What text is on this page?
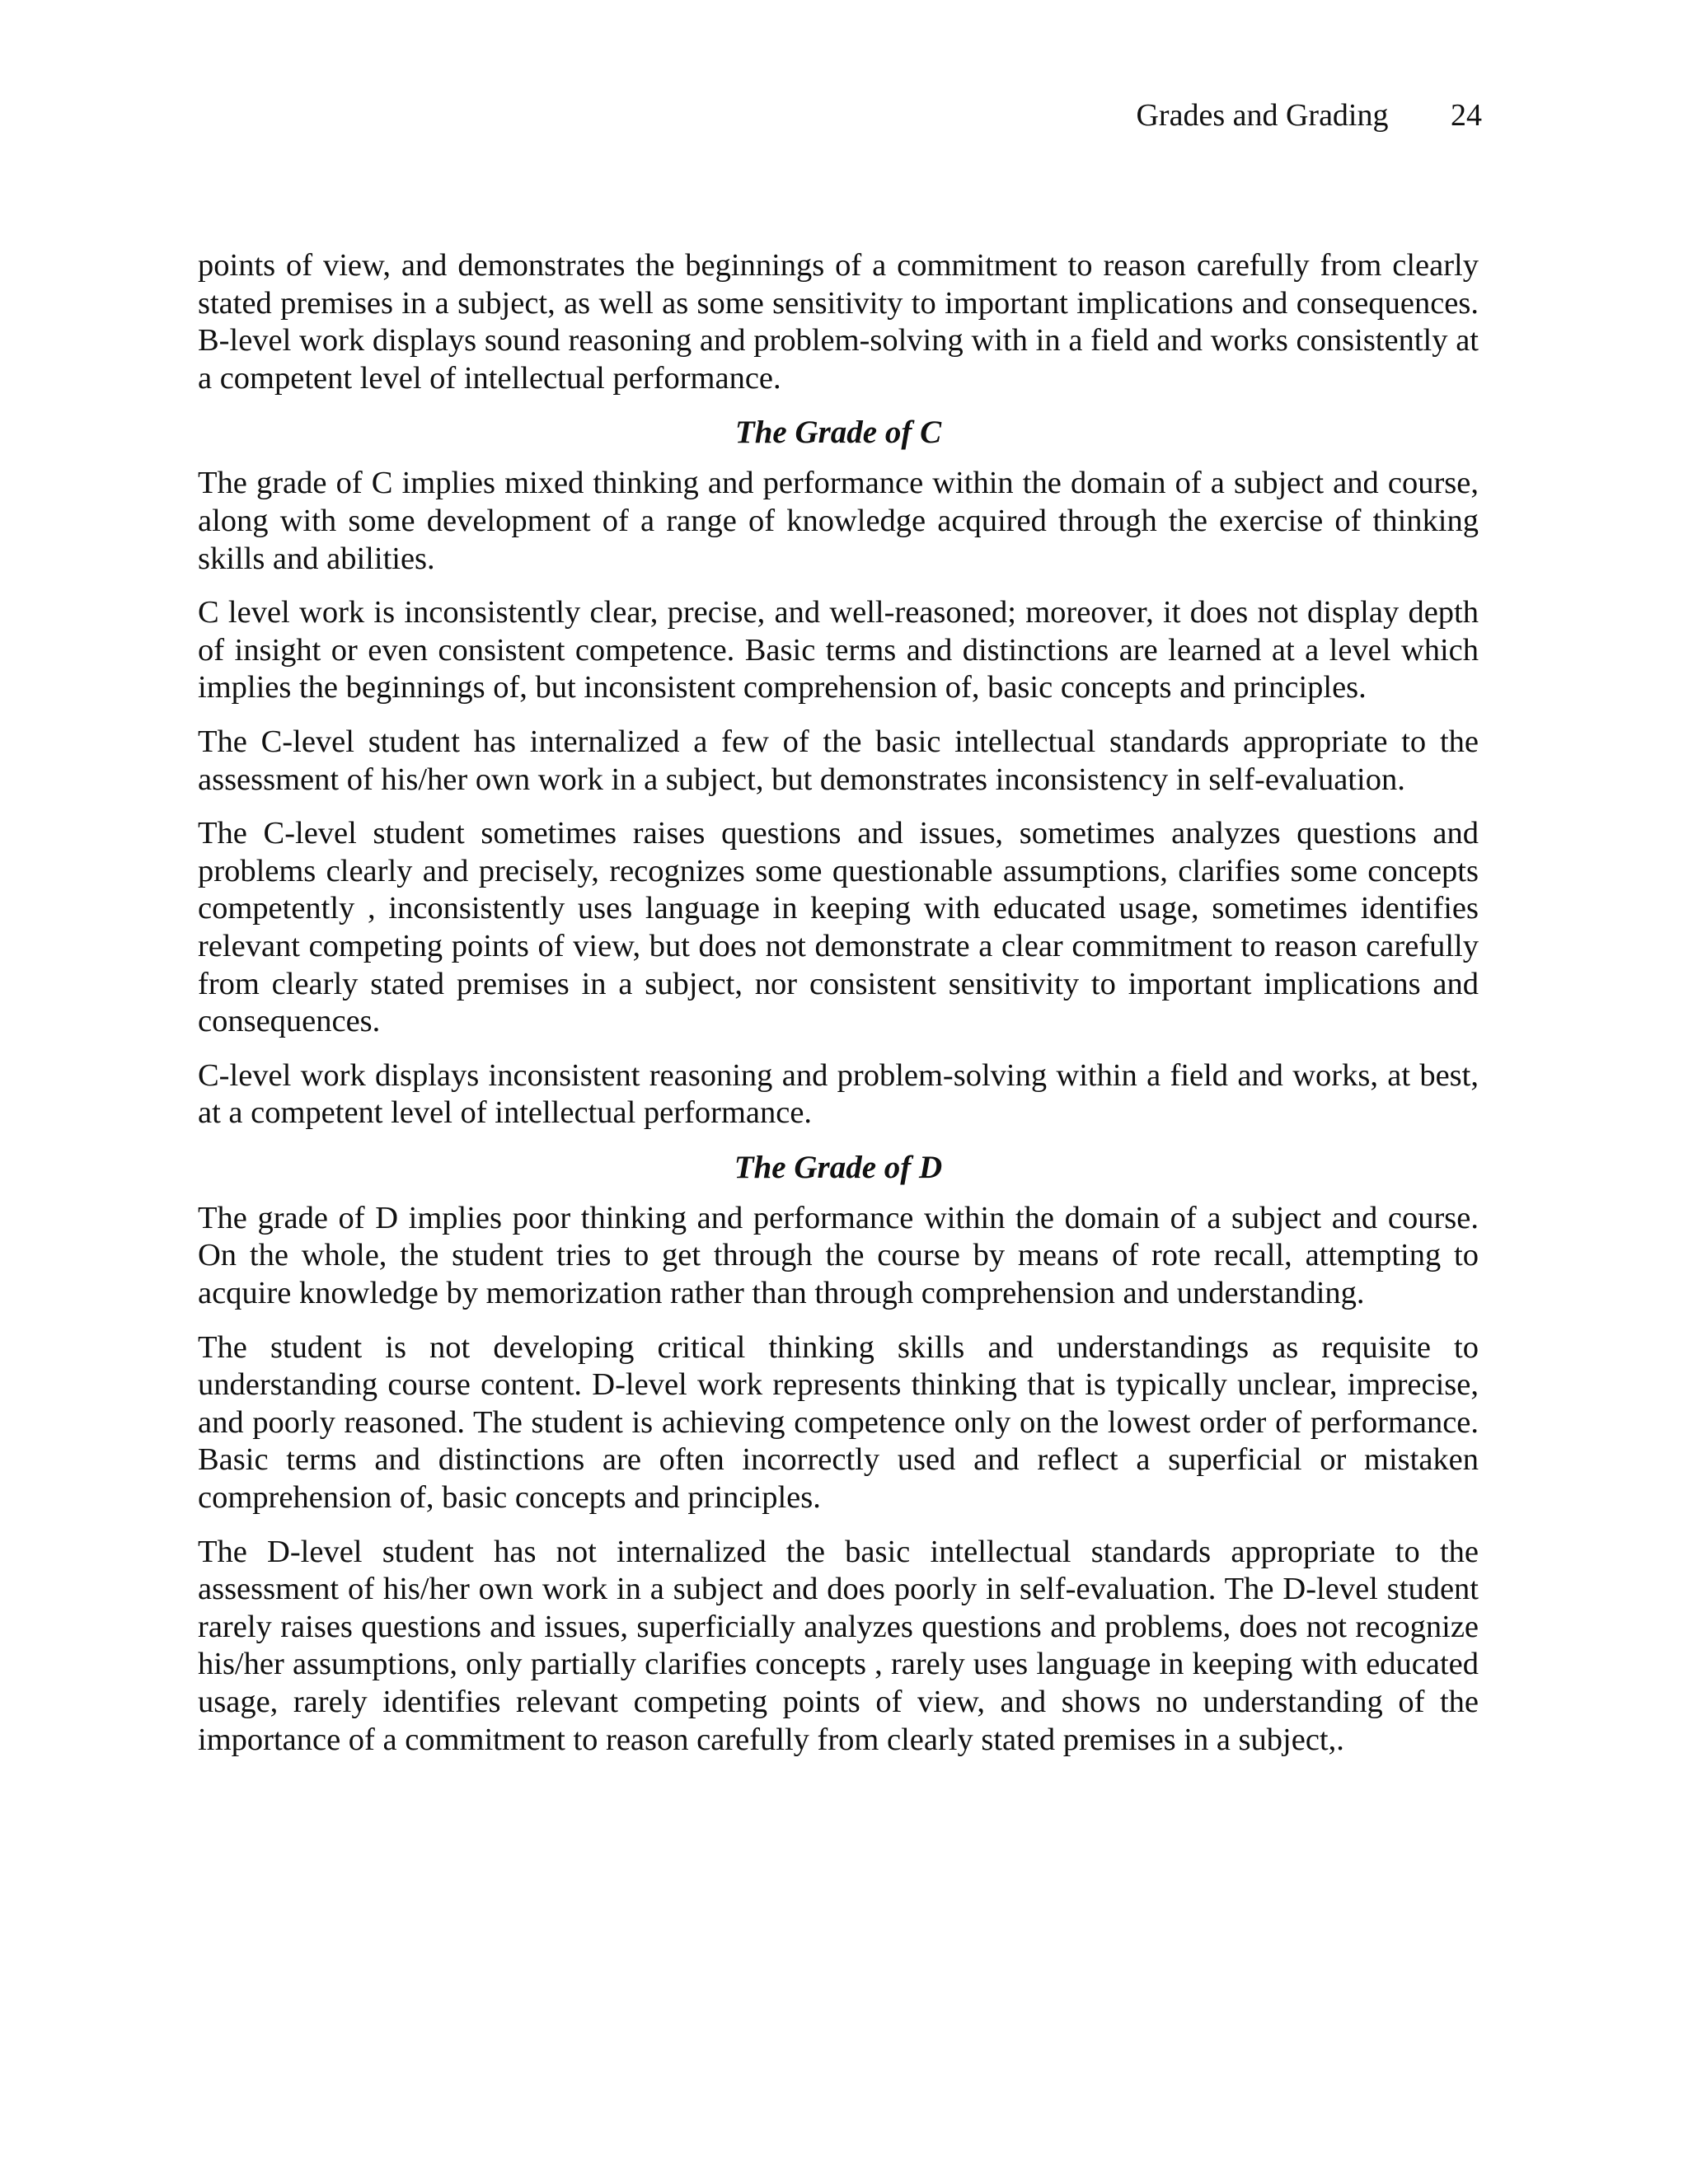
Grades and Grading 24

points of view, and demonstrates the beginnings of a commitment to reason carefully from clearly stated premises in a subject, as well as some sensitivity to important implications and consequences. B-level work displays sound reasoning and problem-solving with in a field and works consistently at a competent level of intellectual performance.

The Grade of C

The grade of C implies mixed thinking and performance within the domain of a subject and course, along with some development of a range of knowledge acquired through the exercise of thinking skills and abilities.

C level work is inconsistently clear, precise, and well-reasoned; moreover, it does not display depth of insight or even consistent competence. Basic terms and distinctions are learned at a level which implies the beginnings of, but inconsistent comprehension of, basic concepts and principles.

The C-level student has internalized a few of the basic intellectual standards appropriate to the assessment of his/her own work in a subject, but demonstrates inconsistency in self-evaluation.

The C-level student sometimes raises questions and issues, sometimes analyzes questions and problems clearly and precisely, recognizes some questionable assumptions, clarifies some concepts competently , inconsistently uses language in keeping with educated usage, sometimes identifies relevant competing points of view, but does not demonstrate a clear commitment to reason carefully from clearly stated premises in a subject, nor consistent sensitivity to important implications and consequences.

C-level work displays inconsistent reasoning and problem-solving within a field and works, at best, at a competent level of intellectual performance.

The Grade of D

The grade of D implies poor thinking and performance within the domain of a subject and course. On the whole, the student tries to get through the course by means of rote recall, attempting to acquire knowledge by memorization rather than through comprehension and understanding.

The student is not developing critical thinking skills and understandings as requisite to understanding course content. D-level work represents thinking that is typically unclear, imprecise, and poorly reasoned. The student is achieving competence only on the lowest order of performance. Basic terms and distinctions are often incorrectly used and reflect a superficial or mistaken comprehension of, basic concepts and principles.

The D-level student has not internalized the basic intellectual standards appropriate to the assessment of his/her own work in a subject and does poorly in self-evaluation. The D-level student rarely raises questions and issues, superficially analyzes questions and problems, does not recognize his/her assumptions, only partially clarifies concepts , rarely uses language in keeping with educated usage, rarely identifies relevant competing points of view, and shows no understanding of the importance of a commitment to reason carefully from clearly stated premises in a subject,.
